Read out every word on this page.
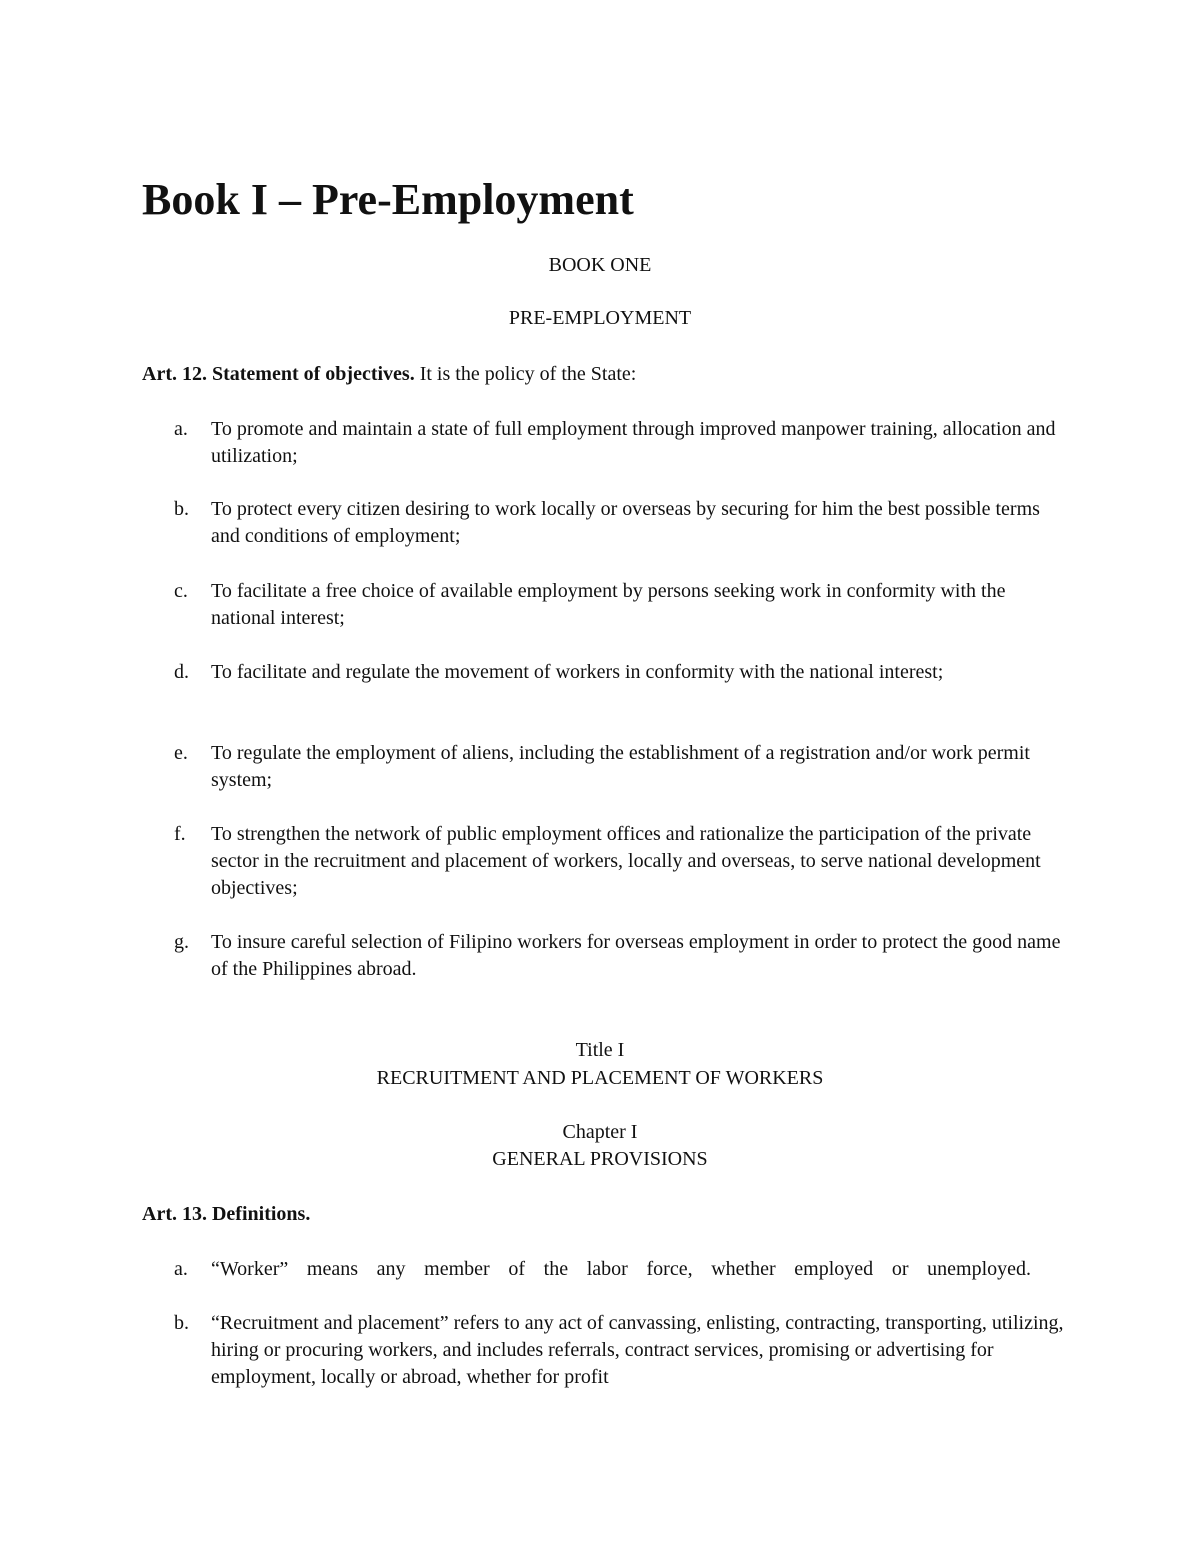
Book I – Pre-Employment

BOOK ONE

PRE-EMPLOYMENT

Art. 12. Statement of objectives. It is the policy of the State:

a.	To promote and maintain a state of full employment through improved manpower training, allocation and utilization;
b.	To protect every citizen desiring to work locally or overseas by securing for him the best possible terms and conditions of employment;
c.	To facilitate a free choice of available employment by persons seeking work in conformity with the national interest;
d.	To facilitate and regulate the movement of workers in conformity with the national interest;
e.	To regulate the employment of aliens, including the establishment of a registration and/or work permit system;
f.	To strengthen the network of public employment offices and rationalize the participation of the private sector in the recruitment and placement of workers, locally and overseas, to serve national development objectives;
g.	To insure careful selection of Filipino workers for overseas employment in order to protect the good name of the Philippines abroad.

Title I

RECRUITMENT AND PLACEMENT OF WORKERS

Chapter I

GENERAL PROVISIONS

Art. 13. Definitions.

a.	“Worker” means any member of the labor force, whether employed or unemployed.
b.	“Recruitment and placement” refers to any act of canvassing, enlisting, contracting, transporting, utilizing, hiring or procuring workers, and includes referrals, contract services, promising or advertising for employment, locally or abroad, whether for profit
